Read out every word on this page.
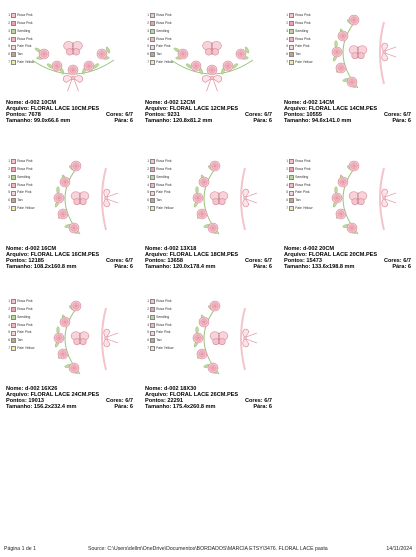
1 Rosa Pink
2 Rosa Pink
3 Seedling
4 Rosa Pink
5 Pale Pink
6 Tan
7 Pale Yellow
Nome: d-002 10CM
Arquivo: FLORAL LACE 10CM.PES
Pontos: 7678	Cores: 6/7
Tamanho: 99.0x66.6 mm	Pára: 6
1 Rosa Pink
2 Rosa Pink
3 Seedling
4 Rosa Pink
5 Pale Pink
6 Tan
7 Pale Yellow
Nome: d-002 12CM
Arquivo: FLORAL LACE 12CM.PES
Pontos: 9231	Cores: 6/7
Tamanho: 120.8x81.2 mm	Pára: 6
1 Rosa Pink
2 Rosa Pink
3 Seedling
4 Rosa Pink
5 Pale Pink
6 Tan
7 Pale Yellow
Nome: d-002 14CM
Arquivo: FLORAL LACE 14CM.PES
Pontos: 10555	Cores: 6/7
Tamanho: 94.6x141.0 mm	Pára: 6
1 Rosa Pink
2 Rosa Pink
3 Seedling
4 Rosa Pink
5 Pale Pink
6 Tan
7 Pale Yellow
Nome: d-002 16CM
Arquivo: FLORAL LACE 16CM.PES
Pontos: 12185	Cores: 6/7
Tamanho: 108.2x160.8 mm	Pára: 6
1 Rosa Pink
2 Rosa Pink
3 Seedling
4 Rosa Pink
5 Pale Pink
6 Tan
7 Pale Yellow
Nome: d-002 13X18
Arquivo: FLORAL LACE 18CM.PES
Pontos: 13658	Cores: 6/7
Tamanho: 120.0x178.4 mm	Pára: 6
1 Rosa Pink
2 Rosa Pink
3 Seedling
4 Rosa Pink
5 Pale Pink
6 Tan
7 Pale Yellow
Nome: d-002 20CM
Arquivo: FLORAL LACE 20CM.PES
Pontos: 15473	Cores: 6/7
Tamanho: 133.6x198.8 mm	Pára: 6
1 Rosa Pink
2 Rosa Pink
3 Seedling
4 Rosa Pink
5 Pale Pink
6 Tan
7 Pale Yellow
Nome: d-002 16X26
Arquivo: FLORAL LACE 24CM.PES
Pontos: 19013	Cores: 6/7
Tamanho: 156.2x232.4 mm	Pára: 6
1 Rosa Pink
2 Rosa Pink
3 Seedling
4 Rosa Pink
5 Pale Pink
6 Tan
7 Pale Yellow
Nome: d-002 18X30
Arquivo: FLORAL LACE 26CM.PES
Pontos: 22291	Cores: 6/7
Tamanho: 175.4x260.8 mm	Pára: 6
Página 1 de 1	Source: C:\Users\dellm\OneDrive\Documentos\BORDADOS\MARCIA ETSY\3476. FLORAL LACE pasta	14/11/2024
